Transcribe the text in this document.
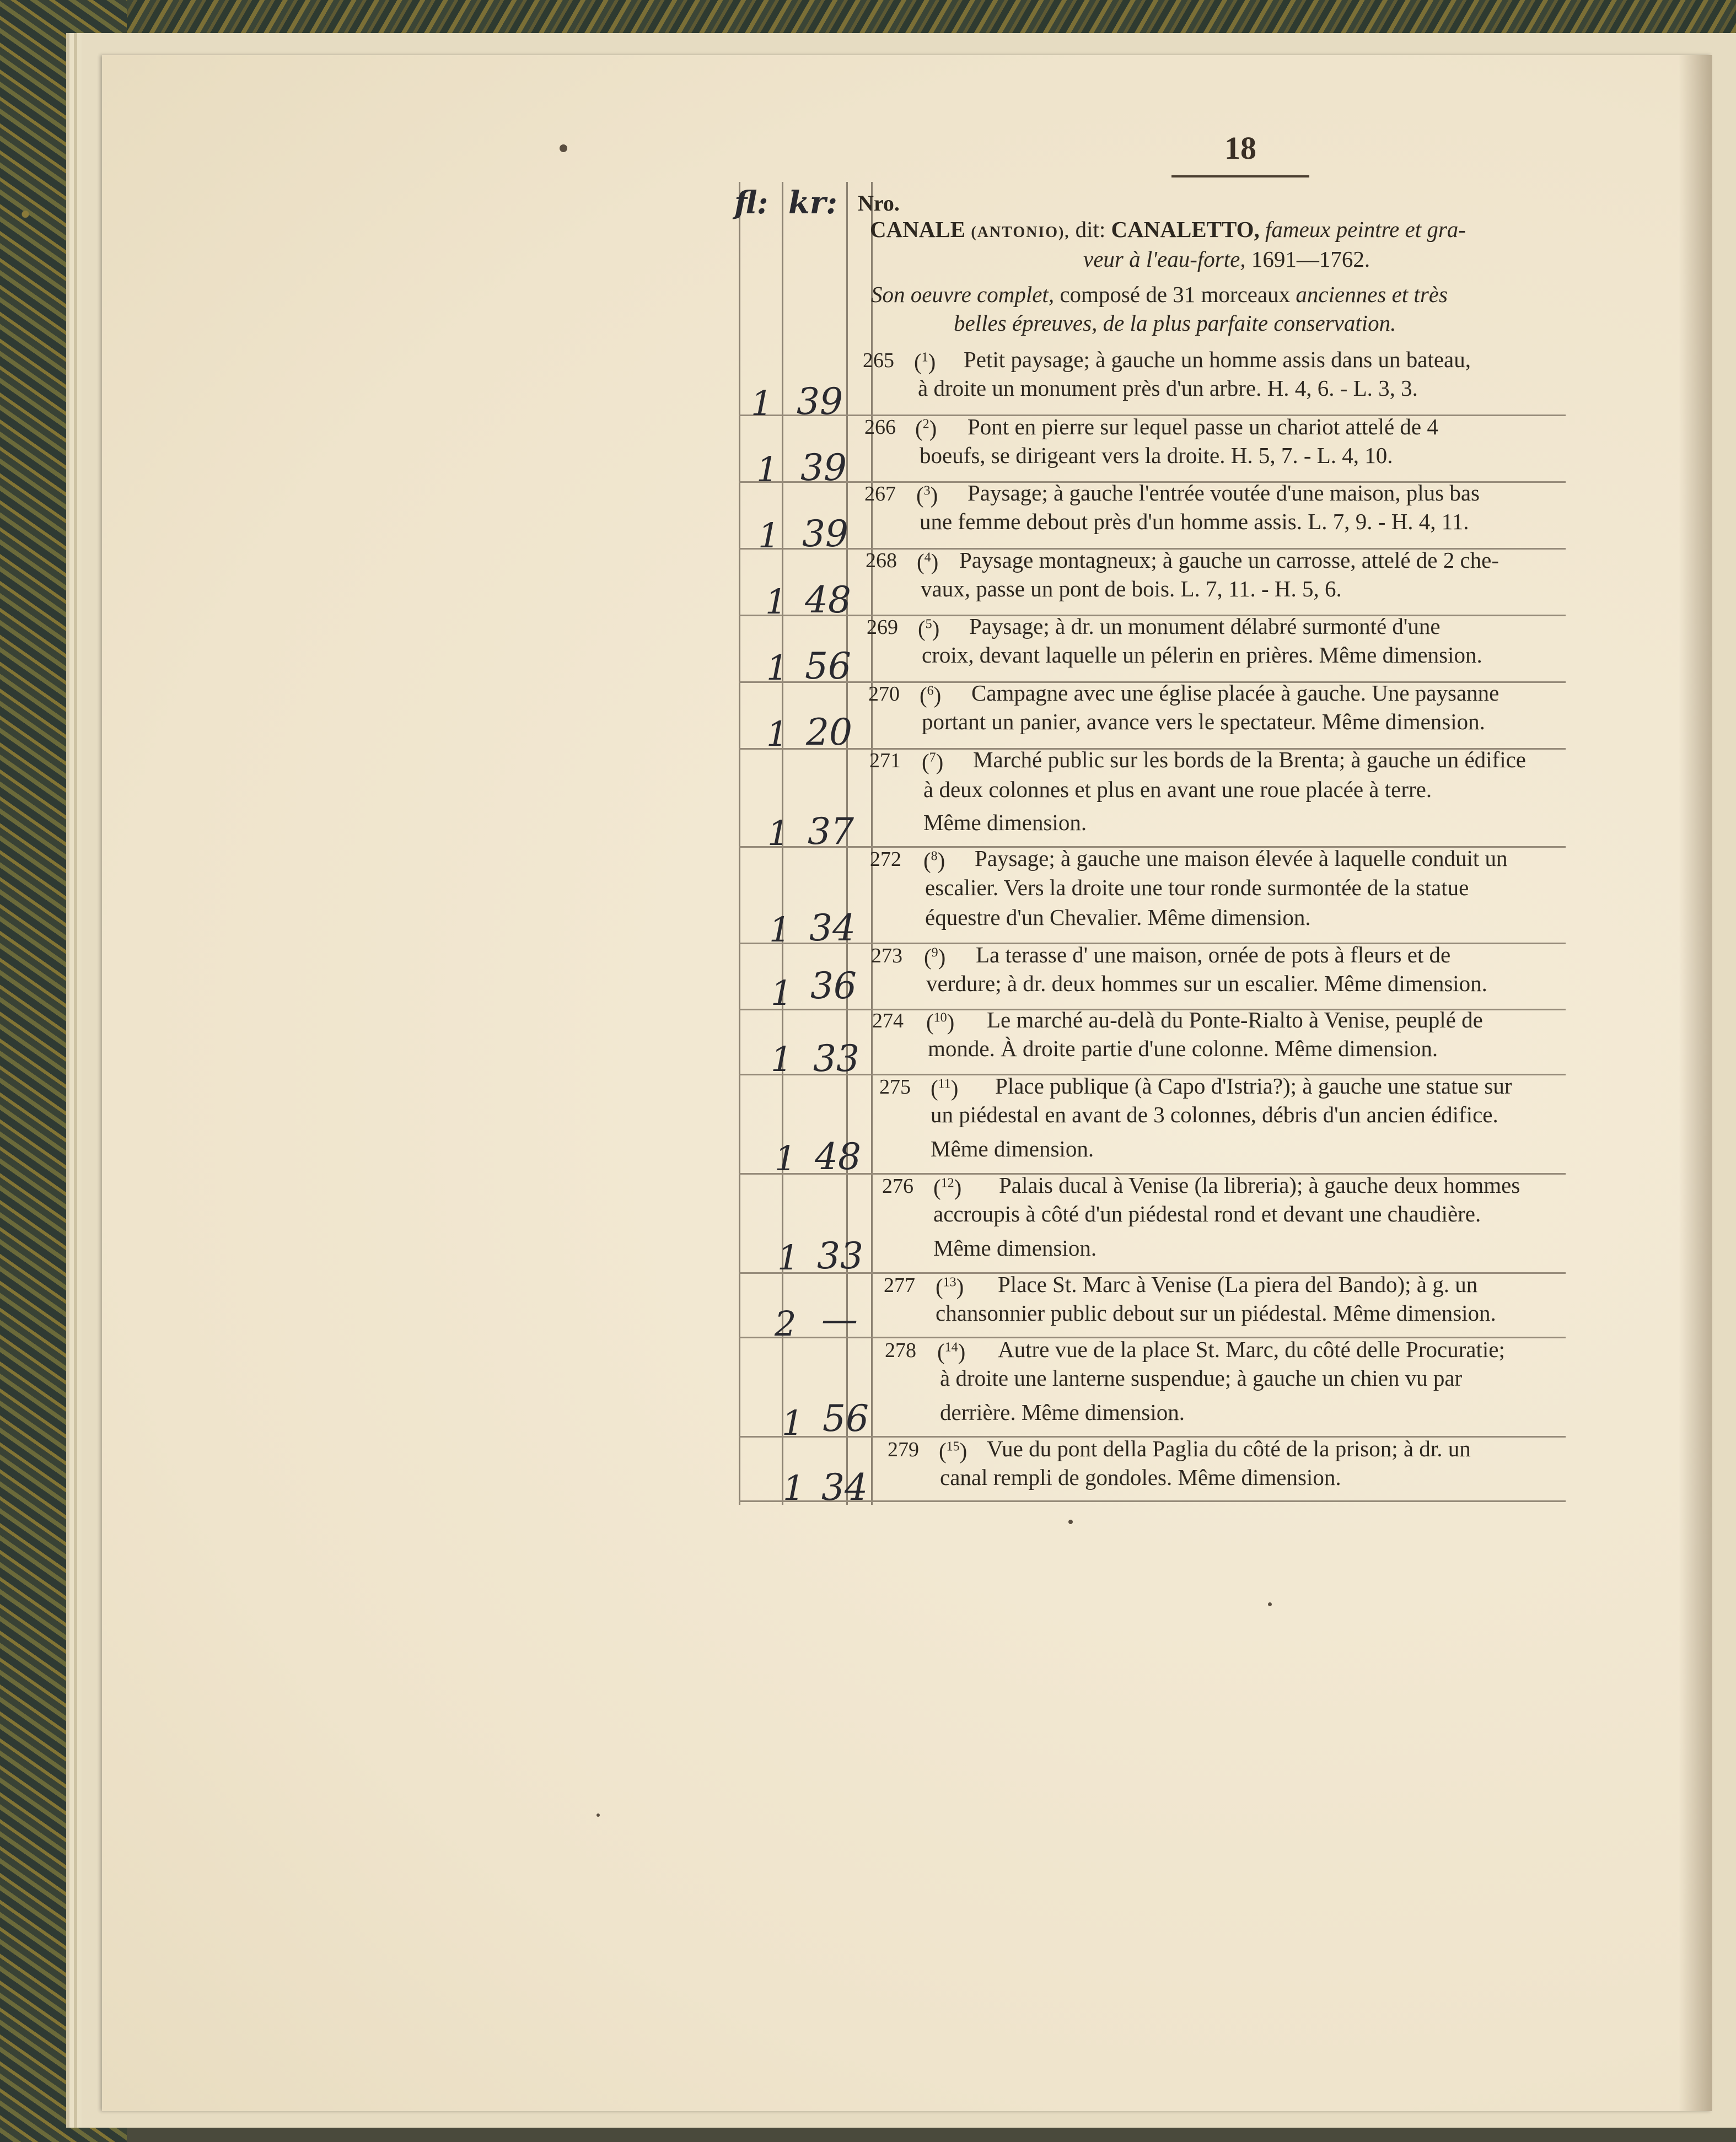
18
fl: kr: Nro.
CANALE (ANTONIO), dit: CANALETTO, fameux peintre et gra-
veur à l'eau-forte, 1691—1762.
Son oeuvre complet, composé de 31 morceaux anciennes et très
belles épreuves, de la plus parfaite conservation.
265 ($^1$) Petit paysage; à gauche un homme assis dans un bateau,
à droite un monument près d'un arbre. H. 4, 6. - L. 3, 3.
1 39
266 ($^2$) Pont en pierre sur lequel passe un chariot attelé de 4
boeufs, se dirigeant vers la droite. H. 5, 7. - L. 4, 10.
1 39
267 ($^3$) Paysage; à gauche l'entrée voutée d'une maison, plus bas
une femme debout près d'un homme assis. L. 7, 9. - H. 4, 11.
1 39
268 ($^4$) Paysage montagneux; à gauche un carrosse, attelé de 2 che-
vaux, passe un pont de bois. L. 7, 11. - H. 5, 6.
1 48
269 ($^5$) Paysage; à dr. un monument délabré surmonté d'une
croix, devant laquelle un pélerin en prières. Même dimension.
1 56
270 ($^6$) Campagne avec une église placée à gauche. Une paysanne
portant un panier, avance vers le spectateur. Même dimension.
1 20
271 ($^7$) Marché public sur les bords de la Brenta; à gauche un édifice
à deux colonnes et plus en avant une roue placée à terre.
Même dimension.
1 37
272 ($^8$) Paysage; à gauche une maison élevée à laquelle conduit un
escalier. Vers la droite une tour ronde surmontée de la statue
équestre d'un Chevalier. Même dimension.
1 34
273 ($^9$) La terasse d' une maison, ornée de pots à fleurs et de
verdure; à dr. deux hommes sur un escalier. Même dimension.
1 36
274 ($^{10}$) Le marché au-delà du Ponte-Rialto à Venise, peuplé de
monde. À droite partie d'une colonne. Même dimension.
1 33
275 ($^{11}$) Place publique (à Capo d'Istria?); à gauche une statue sur
un piédestal en avant de 3 colonnes, débris d'un ancien édifice.
Même dimension.
1 48
276 ($^{12}$) Palais ducal à Venise (la libreria); à gauche deux hommes
accroupis à côté d'un piédestal rond et devant une chaudière.
Même dimension.
1 33
277 ($^{13}$) Place St. Marc à Venise (La piera del Bando); à g. un
chansonnier public debout sur un piédestal. Même dimension.
2 —
278 ($^{14}$) Autre vue de la place St. Marc, du côté delle Procuratie;
à droite une lanterne suspendue; à gauche un chien vu par
derrière. Même dimension.
1 56
279 ($^{15}$) Vue du pont della Paglia du côté de la prison; à dr. un
canal rempli de gondoles. Même dimension.
1 34
